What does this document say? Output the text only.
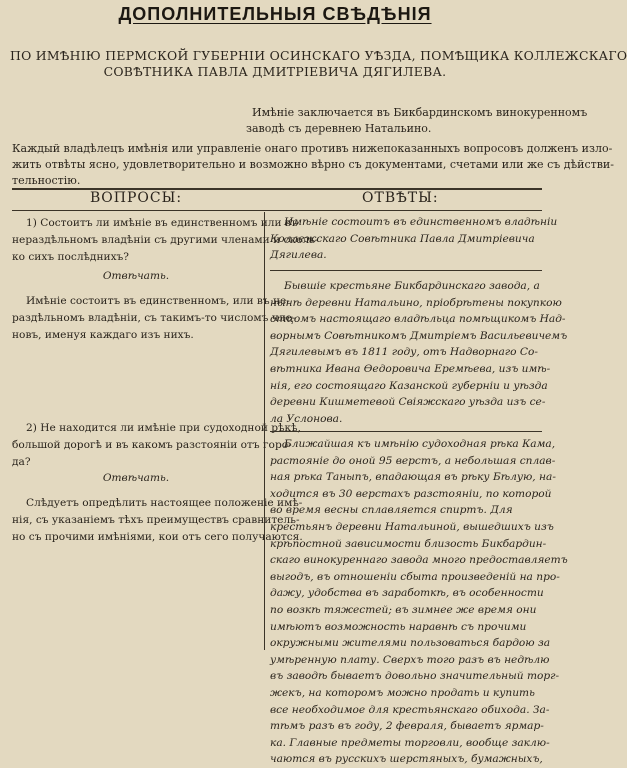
ДОПОЛНИТЕЛЬНЫЯ СВѢДѢНІЯ
ПО ИМѢНІЮ ПЕРМСКОЙ ГУБЕРНІИ ОСИНСКАГО УѢЗДА, ПОМѢЩИКА КОЛЛЕЖСКАГО
СОВѢТНИКА ПАВЛА ДМИТРІЕВИЧА ДЯГИЛЕВА.
Имѣніе заключается въ Бикбардинскомъ винокуренномъ
заводѣ съ деревнею Натальино.
Каждый владѣлецъ имѣнія или управленіе онаго противъ нижепоказанныхъ вопросовъ долженъ изло-
жить отвѣты ясно, удовлетворительно и возможно вѣрно съ документами, счетами или же съ дѣйстви-
тельностію.
ВОПРОСЫ:	ОТВѢТЫ:
1) Состоитъ ли имѣніе въ единственномъ или въ
нераздѣльномъ владѣніи съ другими членами и сколь-
ко сихъ послѣднихъ?
Отвѣчать.
Имѣніе состоитъ въ единственномъ, или въ не-
раздѣльномъ владѣніи, съ такимъ-то числомъ чле-
новъ, именуя каждаго изъ нихъ.
2) Не находится ли имѣніе при судоходной рѣкѣ,
большой дорогѣ и въ какомъ разстояніи отъ горо-
да?
Отвѣчать.
Слѣдуетъ опредѣлить настоящее положеніе имѣ-
нія, съ указаніемъ тѣхъ преимуществъ сравнитель-
но съ прочими имѣніями, кои отъ сего получаются.
Имѣніе состоитъ въ единственномъ владѣніи
Коллежскаго Совѣтника Павла Дмитріевича
Дягилева.
Бывшіе крестьяне Бикбардинскаго завода, а
нынѣ деревни Натальино, пріобрѣтены покупкою
отцомъ настоящаго владѣльца помѣщикомъ Над-
ворнымъ Совѣтникомъ Дмитріемъ Васильевичемъ
Дягилевымъ въ 1811 году, отъ Надворнаго Со-
вѣтника Ивана Ѳедоровича Еремѣева, изъ имѣ-
нія, его состоящаго Казанской губерніи и уѣзда
деревни Кишметевой Свіяжскаго уѣзда изъ се-
ла Услонова.
Ближайшая къ имѣнію судоходная рѣка Кама,
растояніе до оной 95 верстъ, а небольшая сплав-
ная рѣка Таныпъ, впадающая въ рѣку Бѣлую, на-
ходится въ 30 верстахъ разстояніи, по которой
во время весны сплавляется спиртъ. Для
крестьянъ деревни Натальиной, вышедшихъ изъ
крѣпостной зависимости близость Бикбардин-
скаго винокуреннаго завода много предоставляетъ
выгодъ, въ отношеніи сбыта произведеній на про-
дажу, удобства въ заработкѣ, въ особенности
по возкѣ тяжестей; въ зимнее же время они
имѣютъ возможность наравнѣ съ прочими
окружными жителями пользоваться бардою за
умѣренную плату. Сверхъ того разъ въ недѣлю
въ заводѣ бываетъ довольно значительный торг-
жекъ, на которомъ можно продать и купить
все необходимое для крестьянскаго обихода. За-
тѣмъ разъ въ году, 2 февраля, бываетъ ярмар-
ка. Главные предметы торговли, вообще заклю-
чаются въ русскихъ шерстяныхъ, бумажныхъ,
